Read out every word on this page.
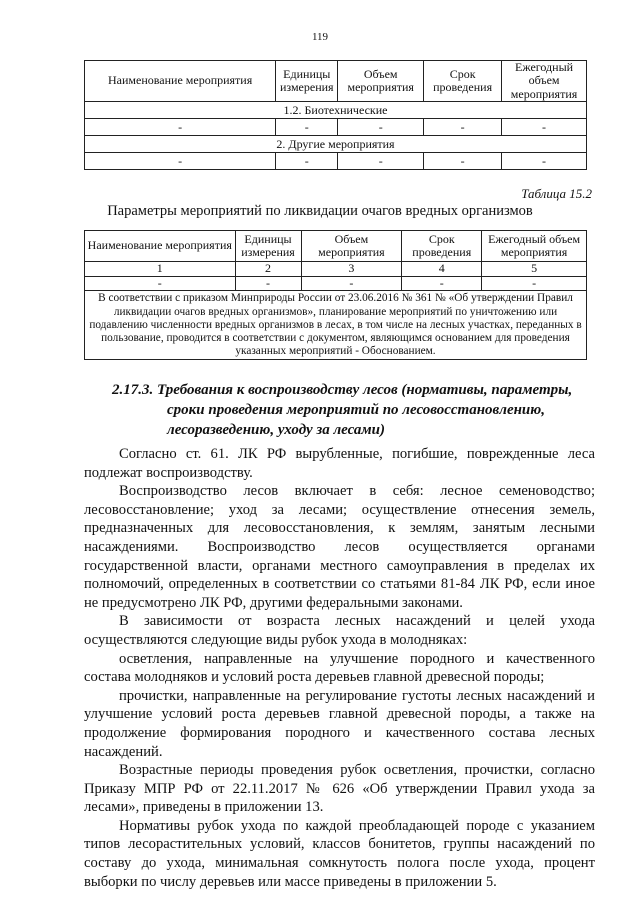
119
Наименование мероприятия	Единицы измерения	Объем мероприятия	Срок проведения	Ежегодный объем мероприятия
1.2. Биотехнические				
-	-	-	-	-
2. Другие мероприятия				
-	-	-	-	-
Таблица 15.2
Параметры мероприятий по ликвидации очагов вредных организмов
Наименование мероприятия	Единицы измерения	Объем мероприятия	Срок проведения	Ежегодный объем мероприятия
1	2	3	4	5
-	-	-	-	-
В соответствии с приказом Минприроды России от 23.06.2016 № 361 № «Об утверждении Правил ликвидации очагов вредных организмов», планирование мероприятий по уничтожению или подавлению численности вредных организмов в лесах, в том числе на лесных участках, переданных в пользование, проводится в соответствии с документом, являющимся основанием для проведения указанных мероприятий - Обоснованием.				
2.17.3. Требования к воспроизводству лесов (нормативы, параметры,
сроки проведения мероприятий по лесовосстановлению,
лесоразведению, уходу за лесами)

Согласно ст. 61. ЛК РФ вырубленные, погибшие, поврежденные леса подлежат воспроизводству.

Воспроизводство лесов включает в себя: лесное семеноводство; лесовосстановление; уход за лесами; осуществление отнесения земель, предназначенных для лесовосстановления, к землям, занятым лесными насаждениями. Воспроизводство лесов осуществляется органами государственной власти, органами местного самоуправления в пределах их полномочий, определенных в соответствии со статьями 81-84 ЛК РФ, если иное не предусмотрено ЛК РФ, другими федеральными законами.

В зависимости от возраста лесных насаждений и целей ухода осуществляются следующие виды рубок ухода в молодняках:

осветления, направленные на улучшение породного и качественного состава молодняков и условий роста деревьев главной древесной породы;

прочистки, направленные на регулирование густоты лесных насаждений и улучшение условий роста деревьев главной древесной породы, а также на продолжение формирования породного и качественного состава лесных насаждений.

Возрастные периоды проведения рубок осветления, прочистки, согласно Приказу МПР РФ от 22.11.2017 № 626 «Об утверждении Правил ухода за лесами», приведены в приложении 13.

Нормативы рубок ухода по каждой преобладающей породе с указанием типов лесорастительных условий, классов бонитетов, группы насаждений по составу до ухода, минимальная сомкнутость полога после ухода, процент выборки по числу деревьев или массе приведены в приложении 5.
